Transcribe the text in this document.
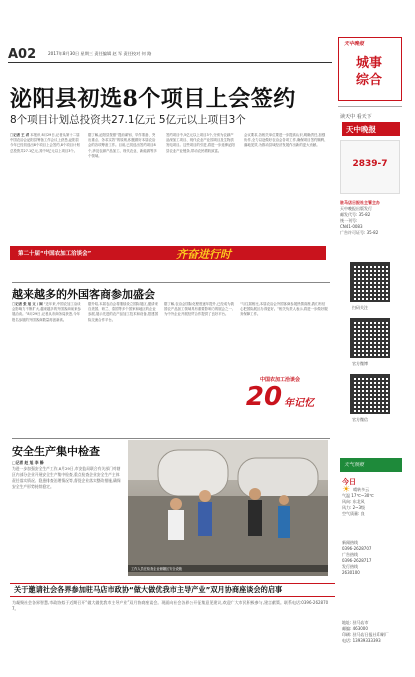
A02	2017年8月30日 星期三 责任编辑 赵 军 责任校对 何 路
天中晚报
城事综合
泌阳县初选8个项目上会签约
8个项目计划总投资共27.1亿元 5亿元以上项目3个
□记者 王 君 本报讯 8月29日,记者从第十二届中国农洽会泌阳县筹备工作会议上获悉,泌阳县今年已经初选出8个项目上会签约,8个项目计划总投资共27.1亿元,其中5亿元以上项目3个。
据了解,泌阳县按照“提前谋划、早作准备、突出重点、务求实效”的原则,积极做好本届农洽会的各项筹备工作。目前,已初选出签约项目8个,涉及农副产品加工、现代农业、新能源等多个领域。
签约项目中,5亿元以上项目3个,分别为农副产品深加工项目、现代农业产业园项目及生物质发电项目。这些项目的引进,将进一步延伸泌阳县农业产业链条,带动农民增收致富。
会议要求,各相关单位要进一步提高认识,明确责任,加强协作,全力以赴做好农洽会各项工作,确保项目签约顺利、落地见效,为推动县域经济发展作出新的更大贡献。
第二十届“中国农加工洽谈会”	齐奋进行时
越来越多的外国客商参加盛会
□记者 张 旭 文 / 图 “近年来,中国农加工洽谈会影响力不断扩大,越来越多的外国客商前来参展洽谈。”8月29日,记者从市商务局获悉,今年报名参展的外国客商数量再创新高。
据介绍,本届农洽会将继续设立国际展区,邀请来自美国、荷兰、泰国等多个国家和地区的企业参展,展示先进的农产品加工技术和设备,搭建国际交流合作平台。
据了解,农洽会国际化程度逐年提升,已经成为我国农产品加工领域具有重要影响力的展会之一,为中外企业开展经贸合作提供了良好平台。
“与往届相比,本届农洽会外国客商参展热情高涨,我们有信心把国际展区办得更好。”相关负责人表示,将进一步做好服务保障工作。
中国农加工洽谈会
20 年记忆
安全生产集中检查
□记者 赵 旭 李 静
为进一步加强安全生产工作,8月29日,市安监局联合有关部门对辖区内部分企业开展安全生产集中检查,重点检查企业安全生产主体责任落实情况、隐患排查治理情况等,督促企业落实整改措施,确保安全生产形势持续稳定。
工作人员在检查企业储罐区安全设施
关于邀请社会各界参加驻马店市政协“做大做优我市主导产业”双月协商座谈会的启事
为凝聚社会各界智慧,市政协拟于近期召开“做大做优我市主导产业”双月协商座谈会。现面向社会各界公开征集意见建议,欢迎广大市民积极参与,建言献策。联系电话:0396-2628707。
读天中 看天下
天中晚报
2839-7
驻马店日报社主管主办
天中晚报出版发行
邮发代号: 35-82
统一刊号:
CN41-0083
广告许可证号: 35-82
扫码关注
官方微博
官方微信
天气预报
今日
☀ 晴转多云
气温 17℃~30℃
风向: 东北风
风力: 2~3级
空气质量: 良
新闻热线
0396-2628707
广告热线
0396-2628717
发行热线
2630100
地址: 驻马店市
邮编: 463000
印刷: 驻马店日报社印刷厂
电话: 13939333393
